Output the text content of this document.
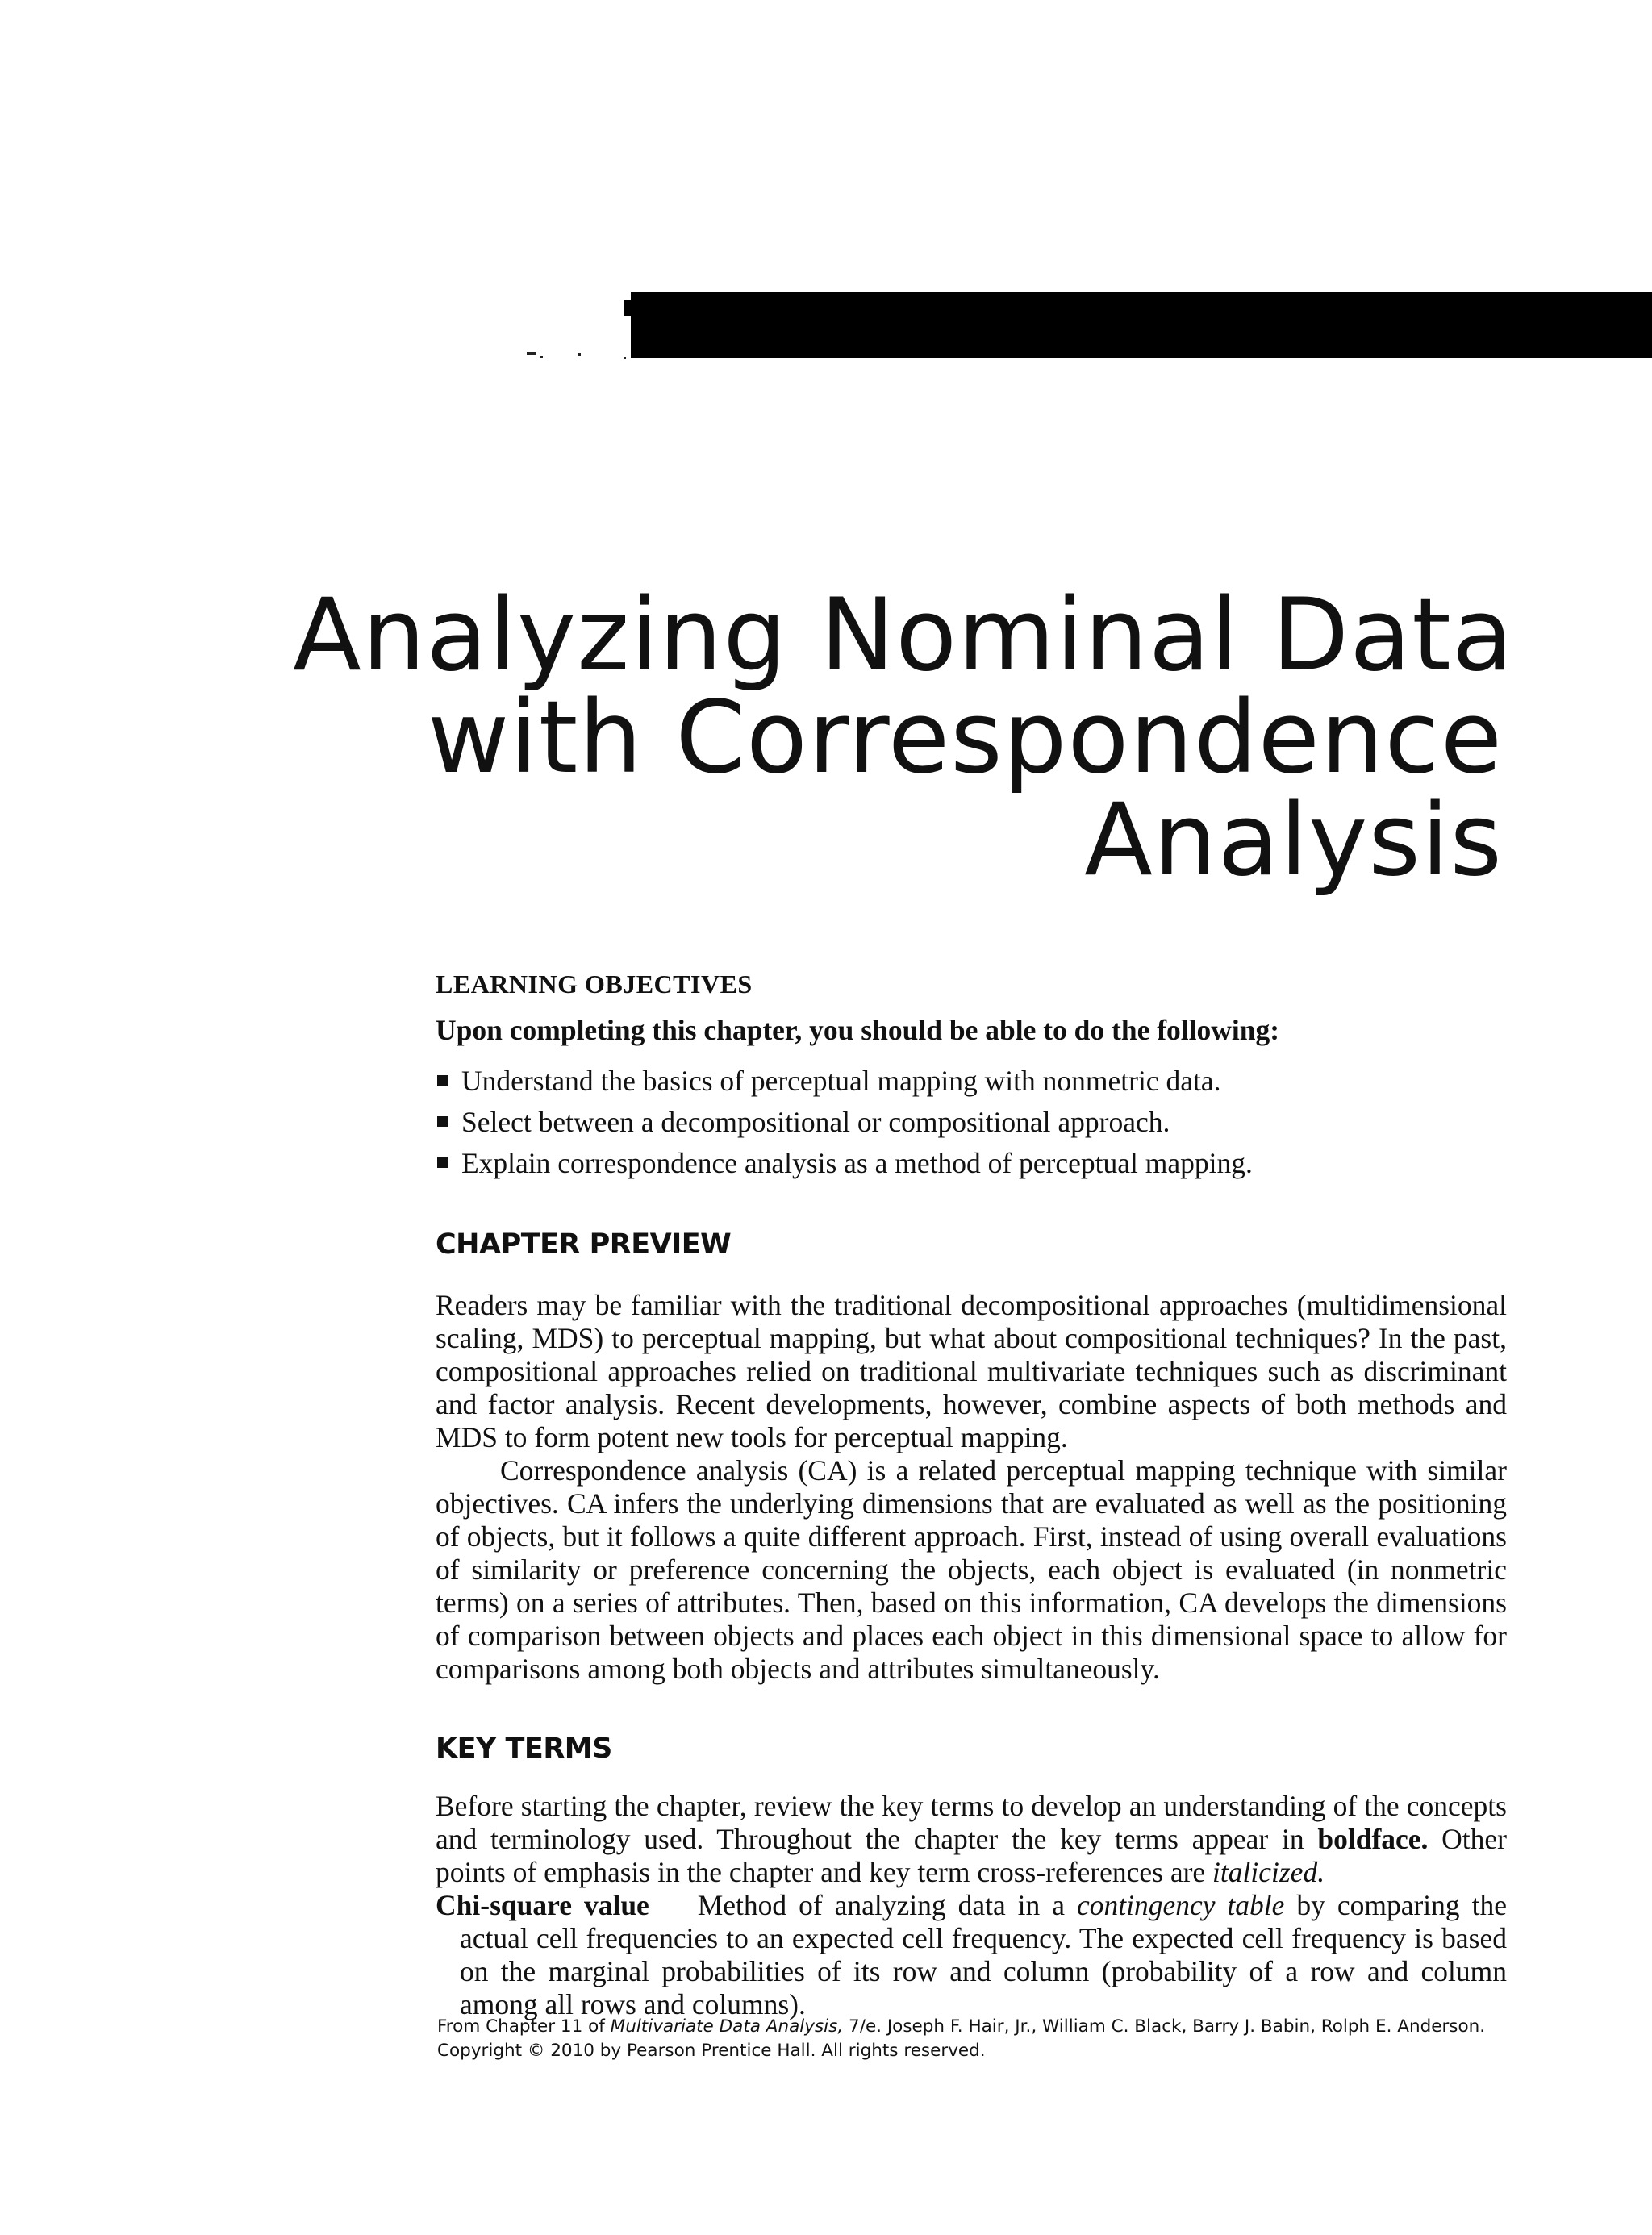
Analyzing Nominal Data
with Correspondence
Analysis
LEARNING OBJECTIVES
Upon completing this chapter, you should be able to do the following:
Understand the basics of perceptual mapping with nonmetric data.
Select between a decompositional or compositional approach.
Explain correspondence analysis as a method of perceptual mapping.
CHAPTER PREVIEW

Readers may be familiar with the traditional decompositional approaches (multidimensional scaling, MDS) to perceptual mapping, but what about compositional techniques? In the past, compositional approaches relied on traditional multivariate techniques such as discriminant and factor analysis. Recent developments, however, combine aspects of both methods and MDS to form potent new tools for perceptual mapping.

Correspondence analysis (CA) is a related perceptual mapping technique with similar objectives. CA infers the underlying dimensions that are evaluated as well as the positioning of objects, but it follows a quite different approach. First, instead of using overall evaluations of similarity or preference concerning the objects, each object is evaluated (in nonmetric terms) on a series of attributes. Then, based on this information, CA develops the dimensions of comparison between objects and places each object in this dimensional space to allow for comparisons among both objects and attributes simultaneously.

KEY TERMS

Before starting the chapter, review the key terms to develop an understanding of the concepts and terminology used. Throughout the chapter the key terms appear in boldface. Other points of emphasis in the chapter and key term cross-references are italicized.

Chi-square value Method of analyzing data in a contingency table by comparing the actual cell frequencies to an expected cell frequency. The expected cell frequency is based on the marginal probabilities of its row and column (probability of a row and column among all rows and columns).

From Chapter 11 of Multivariate Data Analysis, 7/e. Joseph F. Hair, Jr., William C. Black, Barry J. Babin, Rolph E. Anderson.
Copyright © 2010 by Pearson Prentice Hall. All rights reserved.
